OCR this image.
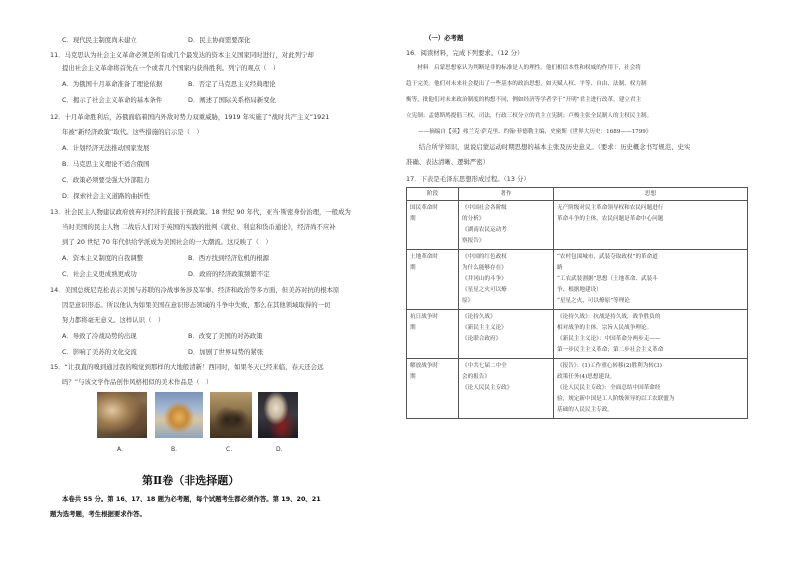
C．现代民主制度尚未建立	D．民主协商需要深化
11．马克思认为社会主义革命必须是所有或几个最发达的资本主义国家同时进行，对此列宁却
提出社会主义革命将首先在一个或者几个国家内获得胜利。列宁的观点（　）
A．为俄国十月革命准备了理论依据	B．否定了马克思主义经典理论
C．揭示了社会主义革命的基本条件	D．阐述了国际关系格局新变化
12．十月革命胜利后，苏俄面临着国内外敌对势力双重威胁，1919 年实施了“战时共产主义”1921
年被“新经济政策”取代。这些措施的启示是（　）
A．计划经济无法推动国家发展
B．马克思主义理论不适合俄国
C．政策必须要受强大外部阻力
D．探索社会主义道路的曲折性
13．社会民主人物建议政府放弃对经济的直接干预政策。18 世纪 90 年代，亚当·斯密身份治理，一般成为
当时美国的民主人物 二战后人们对于英国的实践的批判《就业、利息和货币通论》，经济尚不应补
到了 20 世纪 70 年代供给学派成为美国社会的一大潮流。这反映了（　）
A．资本主义制度的自我调整	B．西方找到经济危机的根源
C．社会主义更成熟更成功	D．政府的经济政策频繁不定
14．美国总统尼克松表示美国与苏联的冷战事务涉及军事、经济和政治等多方面，但美苏对抗的根本原
因是意识形态。所以他认为如果美国在意识形态领域的斗争中失败，那么在其他领域取得的一切
努力都将毫无意义。这样认识（　）
A．导致了冷战局势的出现	B．改变了美国的对苏政策
C．影响了美苏的文化交流	D．加剧了世界局势的紧张
15．“让我直的嗅到通过我的嗅觉到那样的大地般清新！西同时，如果冬天已经来临，春天还会远
吗？”与该文学作品创作风格相似的美术作品是（　）
A.	B.	C.	D.
第Ⅱ卷（非选择题）
本卷共 55 分。第 16、17、18 题为必考题，每个试题考生都必须作答。第 19、20、21
题为选考题，考生根据要求作答。
（一）必考题
16．阅读材料，完成下列要求。（12 分）
　　材料　启蒙思想家认为判断是非的标准是人的理性。他们相信本性和权威的作用下，社会将
趋于完美。他们对未来社会提出了一些基本的政治思想，如天赋人权、平等、自由、法制、权力制
衡等，批他们对未来政治制度的构想不同，例如经济等学者学于“开明”君主进行改革，建立君主
立宪制；孟德斯鸠提倡三权，司法，行政三权分立的君主立宪制；卢梭主张全民制人的主权民主制。
——摘编自【英】弗兰克·萨克里、约翰·菲德勒主编，史密斯《世界大历史：1689——1799》
　　结合所学知识，说说启蒙运动时期思想的基本主张及历史意义。（要求：历史概念书写规范、史实
准确、表达清晰、逻辑严密）
17．下表是毛泽东思想形成过程。（13 分）
阶段	著作	思想

国民革命时
期	《中国社会各阶级
的分析》
《湖南农民运动考
察报告》	无产阶级对民主革命领导权和农民问题进行
革命斗争的主体。农民问题是革命中心问题

土地革命时
期	《中国的红色政权
为什么能够存在》
《井冈山的斗争》
《星星之火可以燎
原》	“农村包围城市，武装夺取政权”的革命道
路
“工农武装割据”思想（土地革命、武装斗
争、根据地建设）
“星星之火，可以燎原”等理论

抗日战争时
期	《论持久战》
《新民主主义论》
《论联合政府》	《论持久战》：抗战是持久战，战争胜负的
相对战争的主体。宗旨人民战争理论。
《新民主主义论》：中国革命分两步走——
第一步民主主义革命；第二步社会主义革命

解放战争时
期	《中共七届二中全
会的报告》
《论人民民主专政》	《报告》：(1)工作重心转移(2)胜利为转(3)
政策任务(4)思想建设。
《论人民民主专政》：全面总结中国革命经
验，规定新中国是工人阶级领导的以工农联盟为
基础的人民民主专政。
